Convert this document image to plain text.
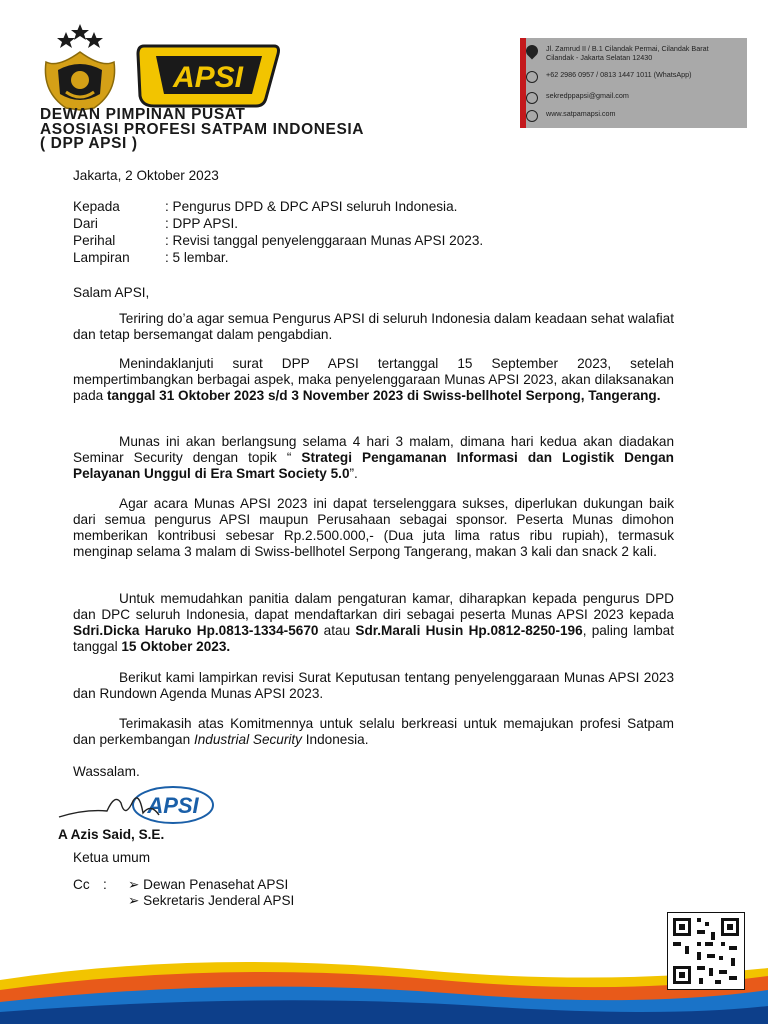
APSI
DEWAN PIMPINAN PUSAT
ASOSIASI PROFESI SATPAM INDONESIA
( DPP APSI )
Jl. Zamrud II / B.1 Cilandak Permai, Cilandak Barat
Cilandak - Jakarta Selatan 12430
+62 2986 0957 / 0813 1447 1011 (WhatsApp)
sekredppapsi@gmail.com
www.satpamapsi.com
Jakarta, 2 Oktober 2023
Kepada	: Pengurus DPD & DPC APSI seluruh Indonesia.
Dari	: DPP APSI.
Perihal	: Revisi tanggal penyelenggaraan Munas APSI 2023.
Lampiran	: 5 lembar.
Salam APSI,
Teriring do’a agar semua Pengurus APSI di seluruh Indonesia dalam keadaan sehat walafiat dan tetap bersemangat dalam pengabdian.
Menindaklanjuti surat DPP APSI tertanggal 15 September 2023, setelah mempertimbangkan berbagai aspek, maka penyelenggaraan Munas APSI 2023, akan dilaksanakan pada tanggal 31 Oktober 2023 s/d 3 November 2023 di Swiss-bellhotel Serpong, Tangerang.
Munas ini akan berlangsung selama 4 hari 3 malam, dimana hari kedua akan diadakan Seminar Security dengan topik “ Strategi Pengamanan Informasi dan Logistik Dengan Pelayanan Unggul di Era Smart Society 5.0”.
Agar acara Munas APSI 2023 ini dapat terselenggara sukses, diperlukan dukungan baik dari semua pengurus APSI maupun Perusahaan sebagai sponsor. Peserta Munas dimohon memberikan kontribusi sebesar Rp.2.500.000,- (Dua juta lima ratus ribu rupiah), termasuk menginap selama 3 malam di Swiss-bellhotel Serpong Tangerang, makan 3 kali dan snack 2 kali.
Untuk memudahkan panitia dalam pengaturan kamar, diharapkan kepada pengurus DPD dan DPC seluruh Indonesia, dapat mendaftarkan diri sebagai peserta Munas APSI 2023 kepada Sdri.Dicka Haruko Hp.0813-1334-5670 atau Sdr.Marali Husin Hp.0812-8250-196, paling lambat tanggal 15 Oktober 2023.
Berikut kami lampirkan revisi Surat Keputusan tentang penyelenggaraan Munas APSI 2023 dan Rundown Agenda Munas APSI 2023.
Terimakasih atas Komitmennya untuk selalu berkreasi untuk memajukan profesi Satpam dan perkembangan Industrial Security Indonesia.
Wassalam.
APSI
A Azis Said, S.E.
Ketua umum
Cc : ➢ Dewan Penasehat APSI
➢ Sekretaris Jenderal APSI
